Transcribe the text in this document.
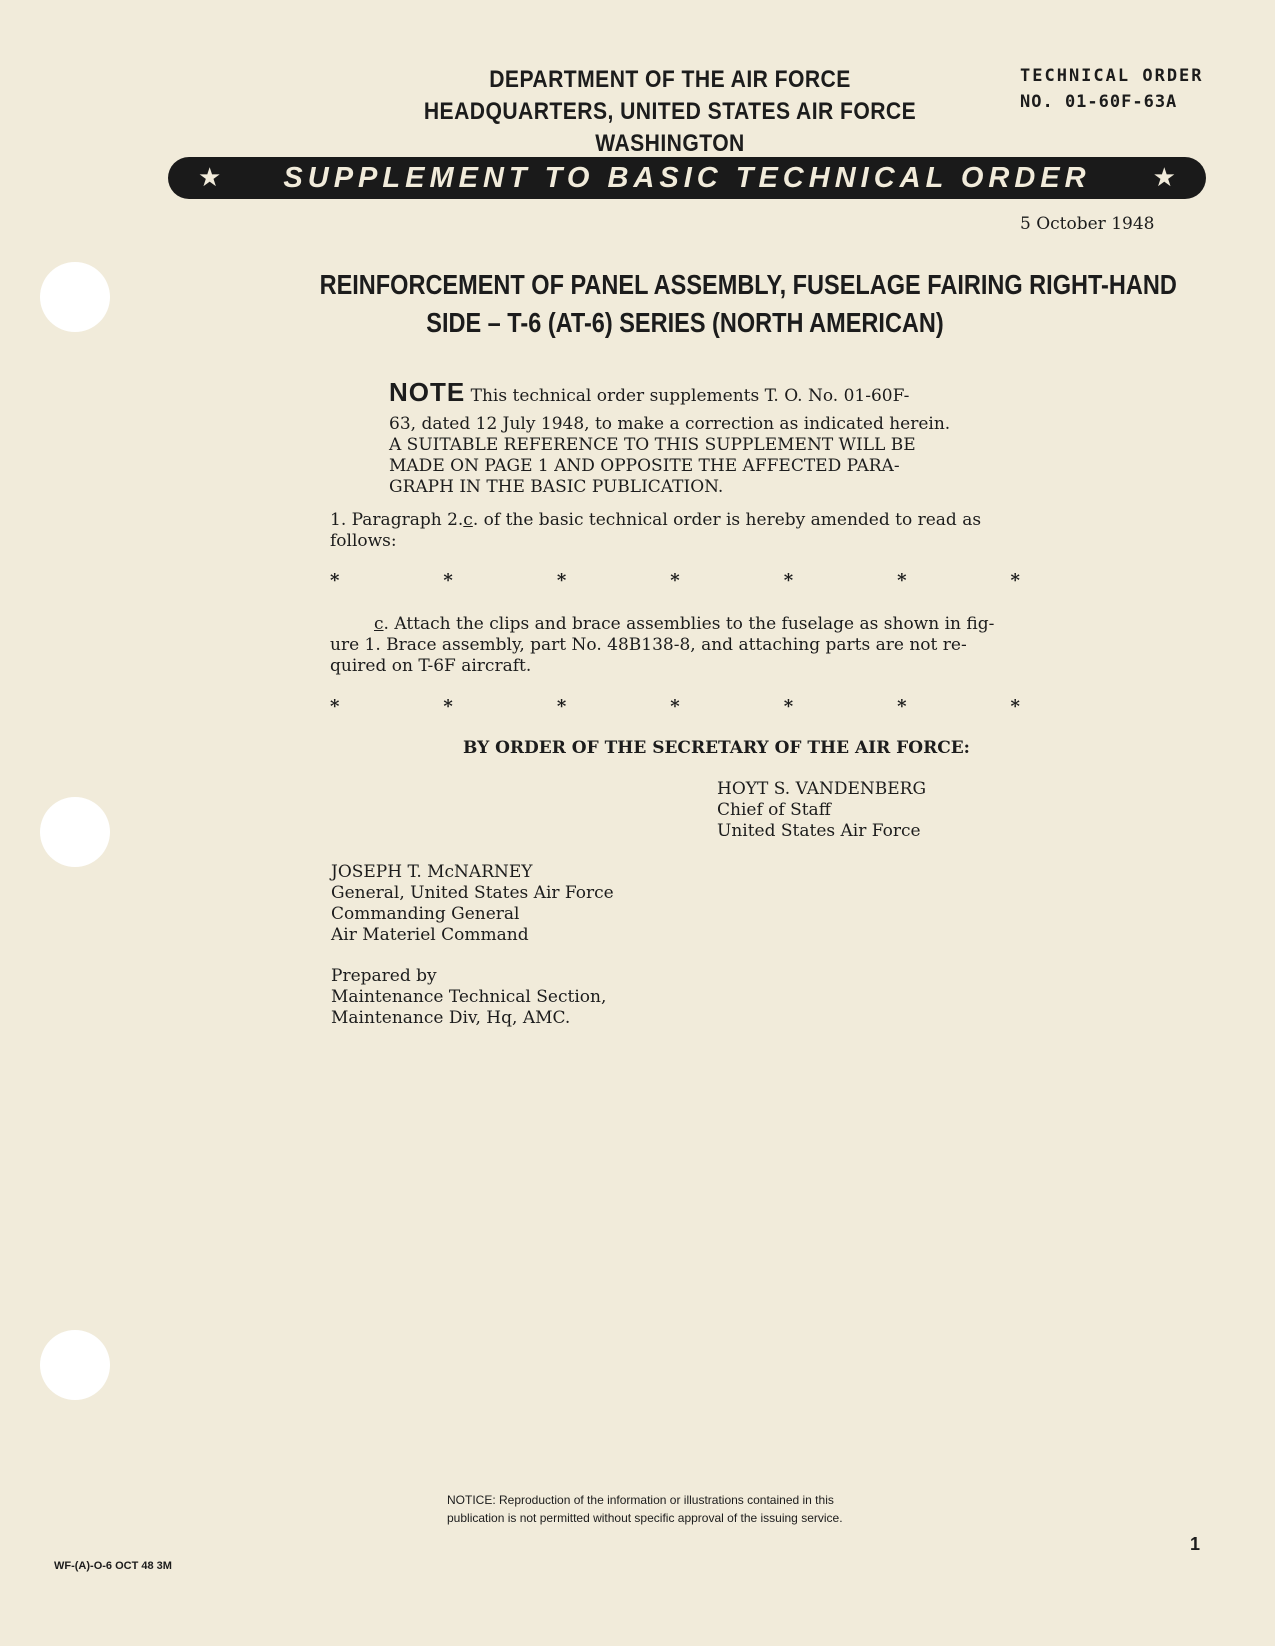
DEPARTMENT OF THE AIR FORCE
HEADQUARTERS, UNITED STATES AIR FORCE
WASHINGTON
TECHNICAL ORDER
NO. 01-60F-63A
★ SUPPLEMENT TO BASIC TECHNICAL ORDER ★
5 October 1948
REINFORCEMENT OF PANEL ASSEMBLY, FUSELAGE FAIRING RIGHT-HAND
SIDE – T-6 (AT-6) SERIES (NORTH AMERICAN)
NOTE This technical order supplements T. O. No. 01-60F-
63, dated 12 July 1948, to make a correction as indicated herein.
A SUITABLE REFERENCE TO THIS SUPPLEMENT WILL BE
MADE ON PAGE 1 AND OPPOSITE THE AFFECTED PARA-
GRAPH IN THE BASIC PUBLICATION.
1. Paragraph 2.c. of the basic technical order is hereby amended to read as
follows:
*	*	*	*	*	*	*
c. Attach the clips and brace assemblies to the fuselage as shown in fig-
ure 1. Brace assembly, part No. 48B138-8, and attaching parts are not re-
quired on T-6F aircraft.
*	*	*	*	*	*	*
BY ORDER OF THE SECRETARY OF THE AIR FORCE:
HOYT S. VANDENBERG
Chief of Staff
United States Air Force
JOSEPH T. McNARNEY
General, United States Air Force
Commanding General
Air Materiel Command
Prepared by
Maintenance Technical Section,
Maintenance Div, Hq, AMC.
NOTICE: Reproduction of the information or illustrations contained in this
publication is not permitted without specific approval of the issuing service.
WF-(A)-O-6 OCT 48 3M
1
